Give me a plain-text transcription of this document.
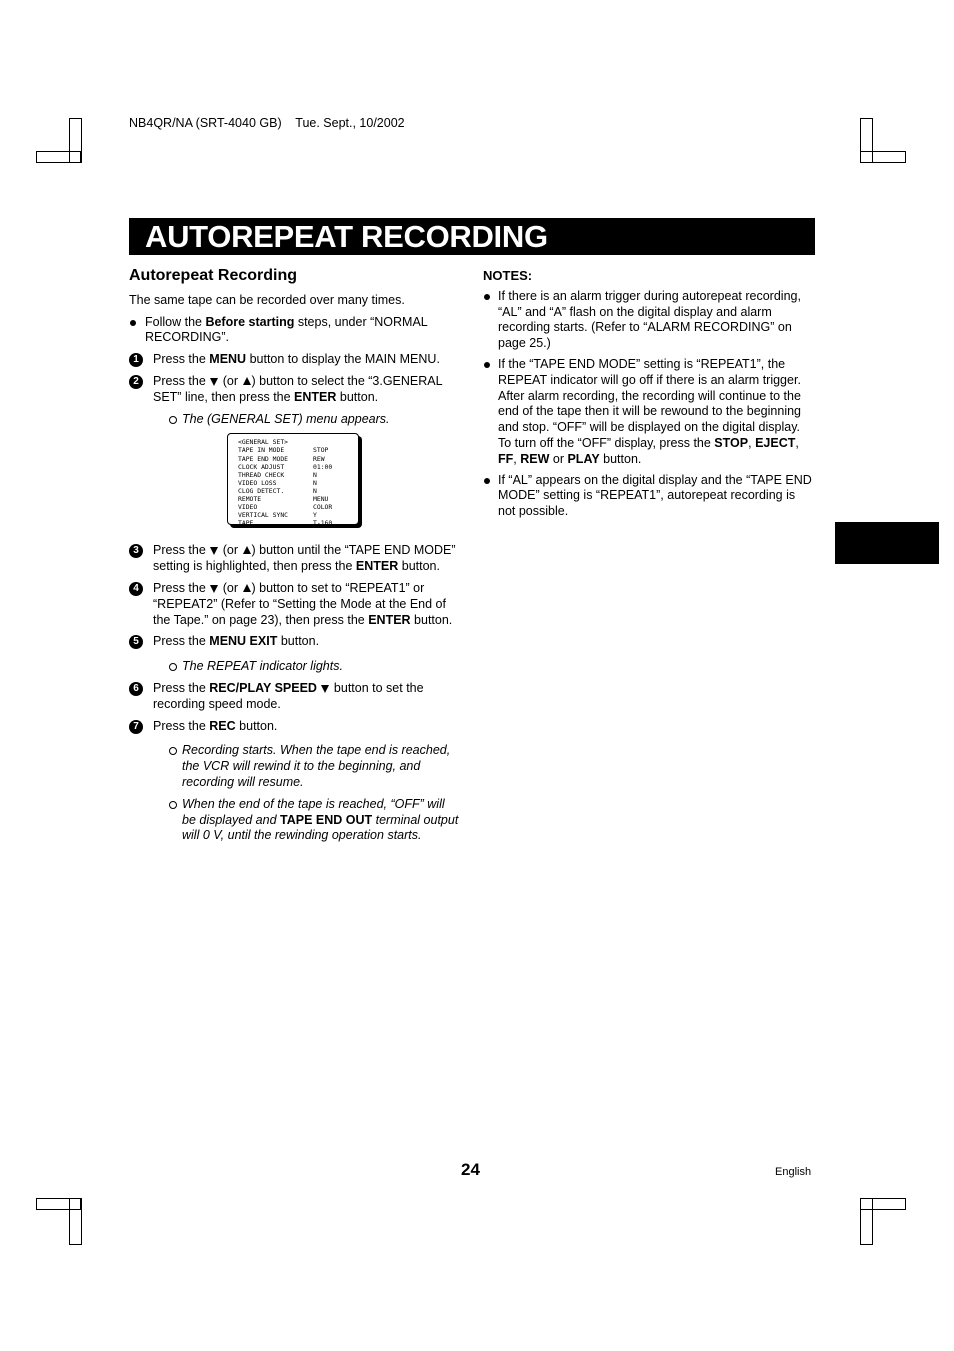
NB4QR/NA (SRT-4040 GB)    Tue. Sept., 10/2002
AUTOREPEAT RECORDING
Autorepeat Recording

The same tape can be recorded over many times.

Follow the Before starting steps, under “NORMAL RECORDING”.
1	Press the MENU button to display the MAIN MENU.
2	Press the  (or ) button to select the “3.GENERAL SET” line, then press the ENTER button.

The (GENERAL SET) menu appears.

<GENERAL SET>
TAPE IN MODE	STOP
TAPE END MODE	REW
CLOCK ADJUST	01:00
THREAD CHECK	N
VIDEO LOSS	N
CLOG DETECT.	N
REMOTE	MENU
VIDEO	COLOR
VERTICAL SYNC	Y
TAPE	T-160
3	Press the  (or ) button until the “TAPE END MODE” setting is highlighted, then press the ENTER button.
4	Press the  (or ) button to set to “REPEAT1” or “REPEAT2” (Refer to “Setting the Mode at the End of the Tape.” on page 23), then press the ENTER button.
5	Press the MENU EXIT button.

The REPEAT indicator lights.

6	Press the REC/PLAY SPEED  button to set the recording speed mode.
7	Press the REC button.

Recording starts. When the tape end is reached, the VCR will rewind it to the beginning, and recording will resume.

When the end of the tape is reached, “OFF” will be displayed and TAPE END OUT terminal output will 0 V, until the rewinding operation starts.

NOTES:
If there is an alarm trigger during autorepeat recording, “AL” and “A” flash on the digital display and alarm recording starts. (Refer to “ALARM RECORDING” on page 25.)
If the “TAPE END MODE” setting is “REPEAT1”, the REPEAT indicator will go off if there is an alarm trigger. After alarm recording, the recording will continue to the end of the tape then it will be rewound to the beginning and stop. “OFF” will be displayed on the digital display.
To turn off the “OFF” display, press the STOP, EJECT, FF, REW or PLAY button.
If “AL” appears on the digital display and the “TAPE END MODE” setting is “REPEAT1”, autorepeat recording is not possible.
24	English
